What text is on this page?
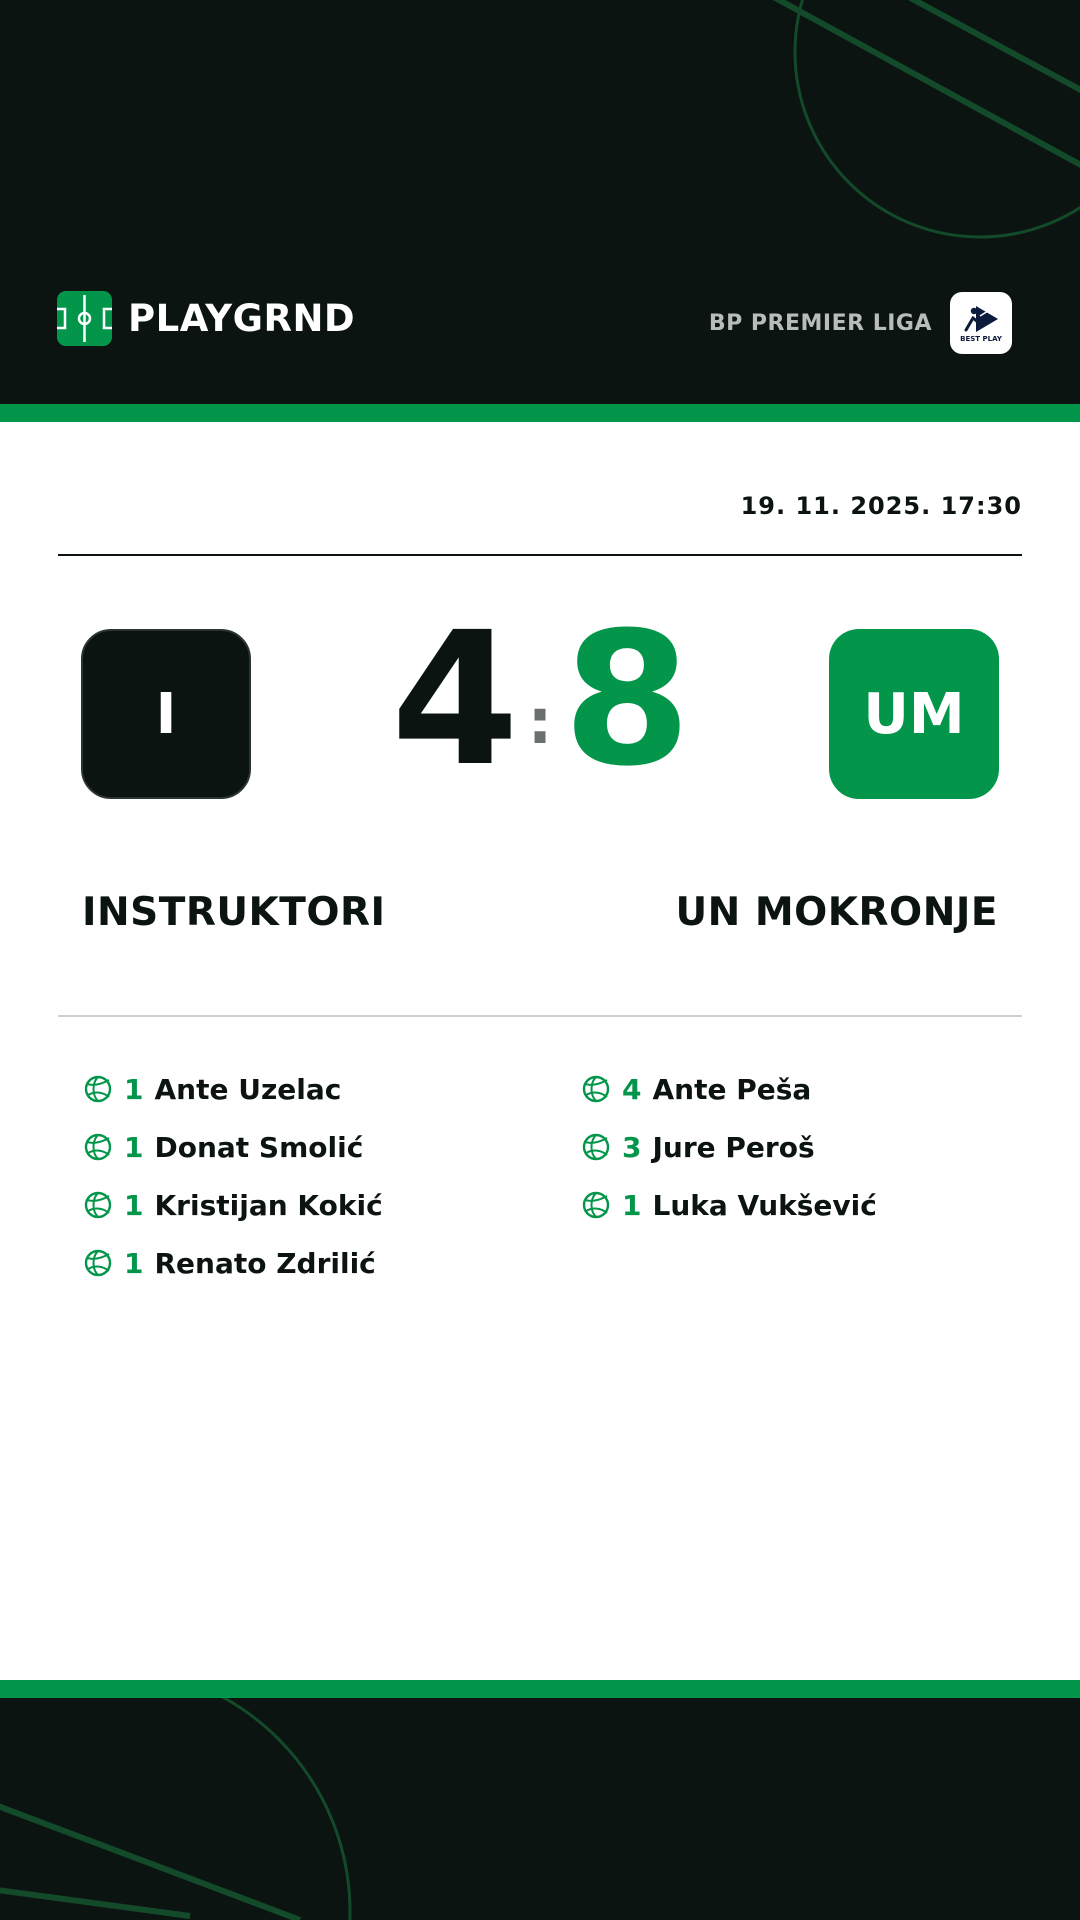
PLAYGRND	BP PREMIER LIGA
BEST PLAY
19. 11. 2025. 17:30
I	4 : 8	UM
INSTRUKTORI	UN MOKRONJE
1 Ante Uzelac
1 Donat Smolić
1 Kristijan Kokić
1 Renato Zdrilić
4 Ante Peša
3 Jure Peroš
1 Luka Vukšević
